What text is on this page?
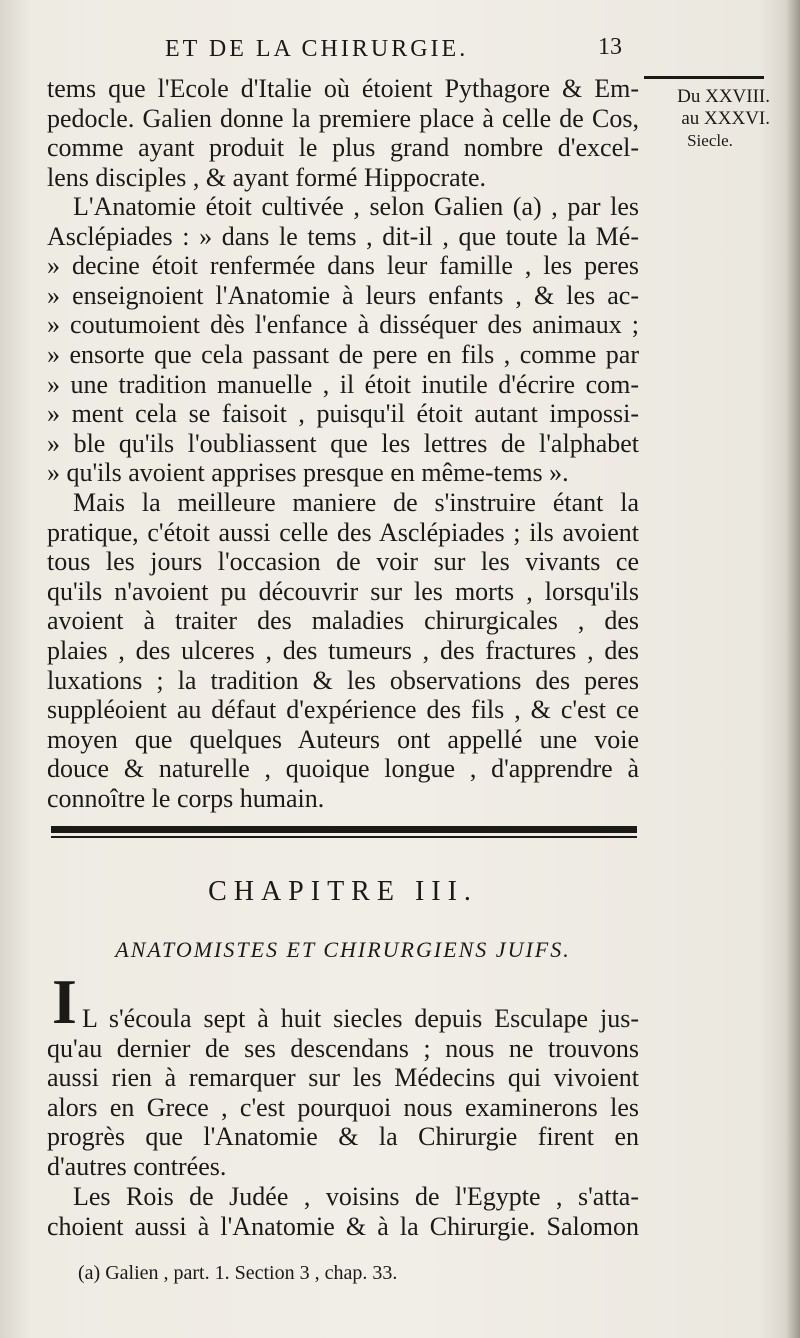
ET DE LA CHIRURGIE.	13
Du XXVIII.
au XXXVI.
Siecle.
tems que l'Ecole d'Italie où étoient Pythagore & Em-
pedocle. Galien donne la premiere place à celle de Cos,
comme ayant produit le plus grand nombre d'excel-
lens disciples , & ayant formé Hippocrate.
L'Anatomie étoit cultivée , selon Galien (a) , par les
Asclépiades : » dans le tems , dit-il , que toute la Mé-
» decine étoit renfermée dans leur famille , les peres
» enseignoient l'Anatomie à leurs enfants , & les ac-
» coutumoient dès l'enfance à disséquer des animaux ;
» ensorte que cela passant de pere en fils , comme par
» une tradition manuelle , il étoit inutile d'écrire com-
» ment cela se faisoit , puisqu'il étoit autant impossi-
» ble qu'ils l'oubliassent que les lettres de l'alphabet
» qu'ils avoient apprises presque en même-tems ».
Mais la meilleure maniere de s'instruire étant la
pratique, c'étoit aussi celle des Asclépiades ; ils avoient
tous les jours l'occasion de voir sur les vivants ce
qu'ils n'avoient pu découvrir sur les morts , lorsqu'ils
avoient à traiter des maladies chirurgicales , des
plaies , des ulceres , des tumeurs , des fractures , des
luxations ; la tradition & les observations des peres
suppléoient au défaut d'expérience des fils , & c'est ce
moyen que quelques Auteurs ont appellé une voie
douce & naturelle , quoique longue , d'apprendre à
connoître le corps humain.
CHAPITRE III.
ANATOMISTES ET CHIRURGIENS JUIFS.
I L s'écoula sept à huit siecles depuis Esculape jus-
qu'au dernier de ses descendans ; nous ne trouvons
aussi rien à remarquer sur les Médecins qui vivoient
alors en Grece , c'est pourquoi nous examinerons les
progrès que l'Anatomie & la Chirurgie firent en
d'autres contrées.
Les Rois de Judée , voisins de l'Egypte , s'atta-
choient aussi à l'Anatomie & à la Chirurgie. Salomon
(a) Galien , part. 1. Section 3 , chap. 33.
